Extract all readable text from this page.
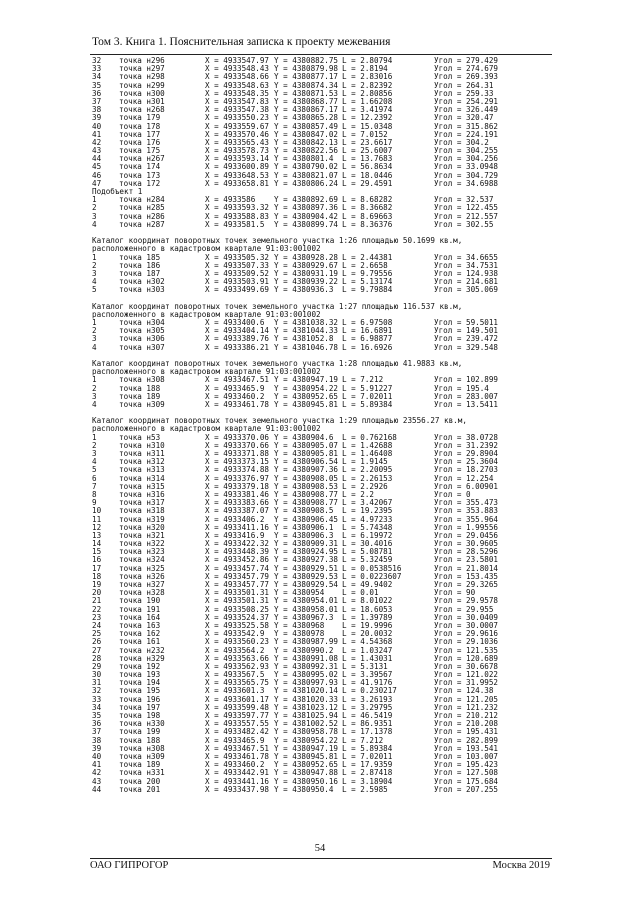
Том 3. Книга 1. Пояснительная записка к проекту межевания
32 точка н296	X = 4933547.97 Y = 4380882.75 L = 2.80794	Угол = 279.429
33 точка н297	X = 4933548.43 Y = 4380879.98 L = 2.8194	Угол = 274.679
34 точка н298	X = 4933548.66 Y = 4380877.17 L = 2.83016	Угол = 269.393
35 точка н299	X = 4933548.63 Y = 4380874.34 L = 2.82392	Угол = 264.31
36 точка н300	X = 4933548.35 Y = 4380871.53 L = 2.80856	Угол = 259.33
37 точка н301	X = 4933547.83 Y = 4380868.77 L = 1.66208	Угол = 254.291
38 точка н268	X = 4933547.38 Y = 4380867.17 L = 3.41974	Угол = 326.449
39 точка 179	X = 4933550.23 Y = 4380865.28 L = 12.2392	Угол = 320.47
40 точка 178	X = 4933559.67 Y = 4380857.49 L = 15.0348	Угол = 315.862
41 точка 177	X = 4933570.46 Y = 4380847.02 L = 7.0152	Угол = 224.191
42 точка 176	X = 4933565.43 Y = 4380842.13 L = 23.6617	Угол = 304.2
43 точка 175	X = 4933578.73 Y = 4380822.56 L = 25.6007	Угол = 304.255
44 точка н267	X = 4933593.14 Y = 4380801.4 L = 13.7683	Угол = 304.256
45 точка 174	X = 4933600.89 Y = 4380790.02 L = 56.8634	Угол = 33.0948
46 точка 173	X = 4933648.53 Y = 4380821.07 L = 18.0446	Угол = 304.729
47 точка 172	X = 4933658.81 Y = 4380806.24 L = 29.4591	Угол = 34.6988
Подобъект 1
1	точка н284	X = 4933586 Y = 4380892.69 L = 8.68282	Угол = 32.537
2	точка н285	X = 4933593.32 Y = 4380897.36 L = 8.36682	Угол = 122.455
3	точка н286	X = 4933588.83 Y = 4380904.42 L = 8.69663	Угол = 212.557
4	точка н287	X = 4933581.5 Y = 4380899.74 L = 8.36376	Угол = 302.55
Каталог координат поворотных точек земельного участка 1:26 площадью 50.1699 кв.м,
расположенного в кадастровом квартале 91:03:001002
1	точка 185	X = 4933505.32 Y = 4380928.28 L = 2.44381	Угол = 34.6655
2	точка 186	X = 4933507.33 Y = 4380929.67 L = 2.6658	Угол = 34.7531
3	точка 187	X = 4933509.52 Y = 4380931.19 L = 9.79556	Угол = 124.938
4	точка н302	X = 4933503.91 Y = 4380939.22 L = 5.13174	Угол = 214.681
5	точка н303	X = 4933499.69 Y = 4380936.3 L = 9.79884	Угол = 305.069
Каталог координат поворотных точек земельного участка 1:27 площадью 116.537 кв.м,
расположенного в кадастровом квартале 91:03:001002
1	точка н304	X = 4933400.6 Y = 4381038.32 L = 6.97508	Угол = 59.5011
2	точка н305	X = 4933404.14 Y = 4381044.33 L = 16.6891	Угол = 149.501
3	точка н306	X = 4933389.76 Y = 4381052.8 L = 6.98877	Угол = 239.472
4	точка н307	X = 4933386.21 Y = 4381046.78 L = 16.6926	Угол = 329.548
Каталог координат поворотных точек земельного участка 1:28 площадью 41.9883 кв.м,
расположенного в кадастровом квартале 91:03:001002
1	точка н308	X = 4933467.51 Y = 4380947.19 L = 7.212	Угол = 102.899
2	точка 188	X = 4933465.9 Y = 4380954.22 L = 5.91227	Угол = 195.4
3	точка 189	X = 4933460.2 Y = 4380952.65 L = 7.02011	Угол = 283.007
4	точка н309	X = 4933461.78 Y = 4380945.81 L = 5.89384	Угол = 13.5411
Каталог координат поворотных точек земельного участка 1:29 площадью 23556.27 кв.м,
расположенного в кадастровом квартале 91:03:001002
1	точка н53	X = 4933370.06 Y = 4380904.6 L = 0.762168	Угол = 38.0728
2	точка н310	X = 4933370.66 Y = 4380905.07 L = 1.42688	Угол = 31.2392
3	точка н311	X = 4933371.88 Y = 4380905.81 L = 1.46408	Угол = 29.8904
4	точка н312	X = 4933373.15 Y = 4380906.54 L = 1.9145	Угол = 25.3604
5	точка н313	X = 4933374.88 Y = 4380907.36 L = 2.20095	Угол = 18.2703
6	точка н314	X = 4933376.97 Y = 4380908.05 L = 2.26153	Угол = 12.254
7	точка н315	X = 4933379.18 Y = 4380908.53 L = 2.2926	Угол = 6.00901
8	точка н316	X = 4933381.46 Y = 4380908.77 L = 2.2	Угол = 0
9	точка н317	X = 4933383.66 Y = 4380908.77 L = 3.42067	Угол = 355.473
10 точка н318	X = 4933387.07 Y = 4380908.5 L = 19.2395	Угол = 353.883
11 точка н319	X = 4933406.2 Y = 4380906.45 L = 4.97233	Угол = 355.964
12 точка н320	X = 4933411.16 Y = 4380906.1 L = 5.74348	Угол = 1.99556
13 точка н321	X = 4933416.9 Y = 4380906.3 L = 6.19972	Угол = 29.0456
14 точка н322	X = 4933422.32 Y = 4380909.31 L = 30.4016	Угол = 30.9605
15 точка н323	X = 4933448.39 Y = 4380924.95 L = 5.08781	Угол = 28.5296
16 точка н324	X = 4933452.86 Y = 4380927.38 L = 5.32459	Угол = 23.5801
17 точка н325	X = 4933457.74 Y = 4380929.51 L = 0.0538516	Угол = 21.8014
18 точка н326	X = 4933457.79 Y = 4380929.53 L = 0.0223607	Угол = 153.435
19 точка н327	X = 4933457.77 Y = 4380929.54 L = 49.9402	Угол = 29.3265
20 точка н328	X = 4933501.31 Y = 4380954 L = 0.01	Угол = 90
21 точка 190	X = 4933501.31 Y = 4380954.01 L = 8.01022	Угол = 29.9578
22 точка 191	X = 4933508.25 Y = 4380958.01 L = 18.6053	Угол = 29.955
23 точка 164	X = 4933524.37 Y = 4380967.3 L = 1.39789	Угол = 30.0409
24 точка 163	X = 4933525.58 Y = 4380968 L = 19.9996	Угол = 30.0007
25 точка 162	X = 4933542.9 Y = 4380978 L = 20.0032	Угол = 29.9616
26 точка 161	X = 4933560.23 Y = 4380987.99 L = 4.54368	Угол = 29.1036
27 точка н232	X = 4933564.2 Y = 4380990.2 L = 1.03247	Угол = 121.535
28 точка н329	X = 4933563.66 Y = 4380991.08 L = 1.43031	Угол = 120.689
29 точка 192	X = 4933562.93 Y = 4380992.31 L = 5.3131	Угол = 30.6678
30 точка 193	X = 4933567.5 Y = 4380995.02 L = 3.39567	Угол = 121.022
31 точка 194	X = 4933565.75 Y = 4380997.93 L = 41.9176	Угол = 31.9952
32 точка 195	X = 4933601.3 Y = 4381020.14 L = 0.230217	Угол = 124.38
33 точка 196	X = 4933601.17 Y = 4381020.33 L = 3.26193	Угол = 121.205
34 точка 197	X = 4933599.48 Y = 4381023.12 L = 3.29795	Угол = 121.232
35 точка 198	X = 4933597.77 Y = 4381025.94 L = 46.5419	Угол = 210.212
36 точка н330	X = 4933557.55 Y = 4381002.52 L = 86.9351	Угол = 210.208
37 точка 199	X = 4933482.42 Y = 4380958.78 L = 17.1378	Угол = 195.431
38 точка 188	X = 4933465.9 Y = 4380954.22 L = 7.212	Угол = 282.899
39 точка н308	X = 4933467.51 Y = 4380947.19 L = 5.89384	Угол = 193.541
40 точка н309	X = 4933461.78 Y = 4380945.81 L = 7.02011	Угол = 103.007
41 точка 189	X = 4933460.2 Y = 4380952.65 L = 17.9359	Угол = 195.423
42 точка н331	X = 4933442.91 Y = 4380947.88 L = 2.87418	Угол = 127.508
43 точка 200	X = 4933441.16 Y = 4380950.16 L = 3.18904	Угол = 175.684
44 точка 201	X = 4933437.98 Y = 4380950.4 L = 2.5985	Угол = 207.255
54
ОАО ГИПРОГОР	Москва 2019
